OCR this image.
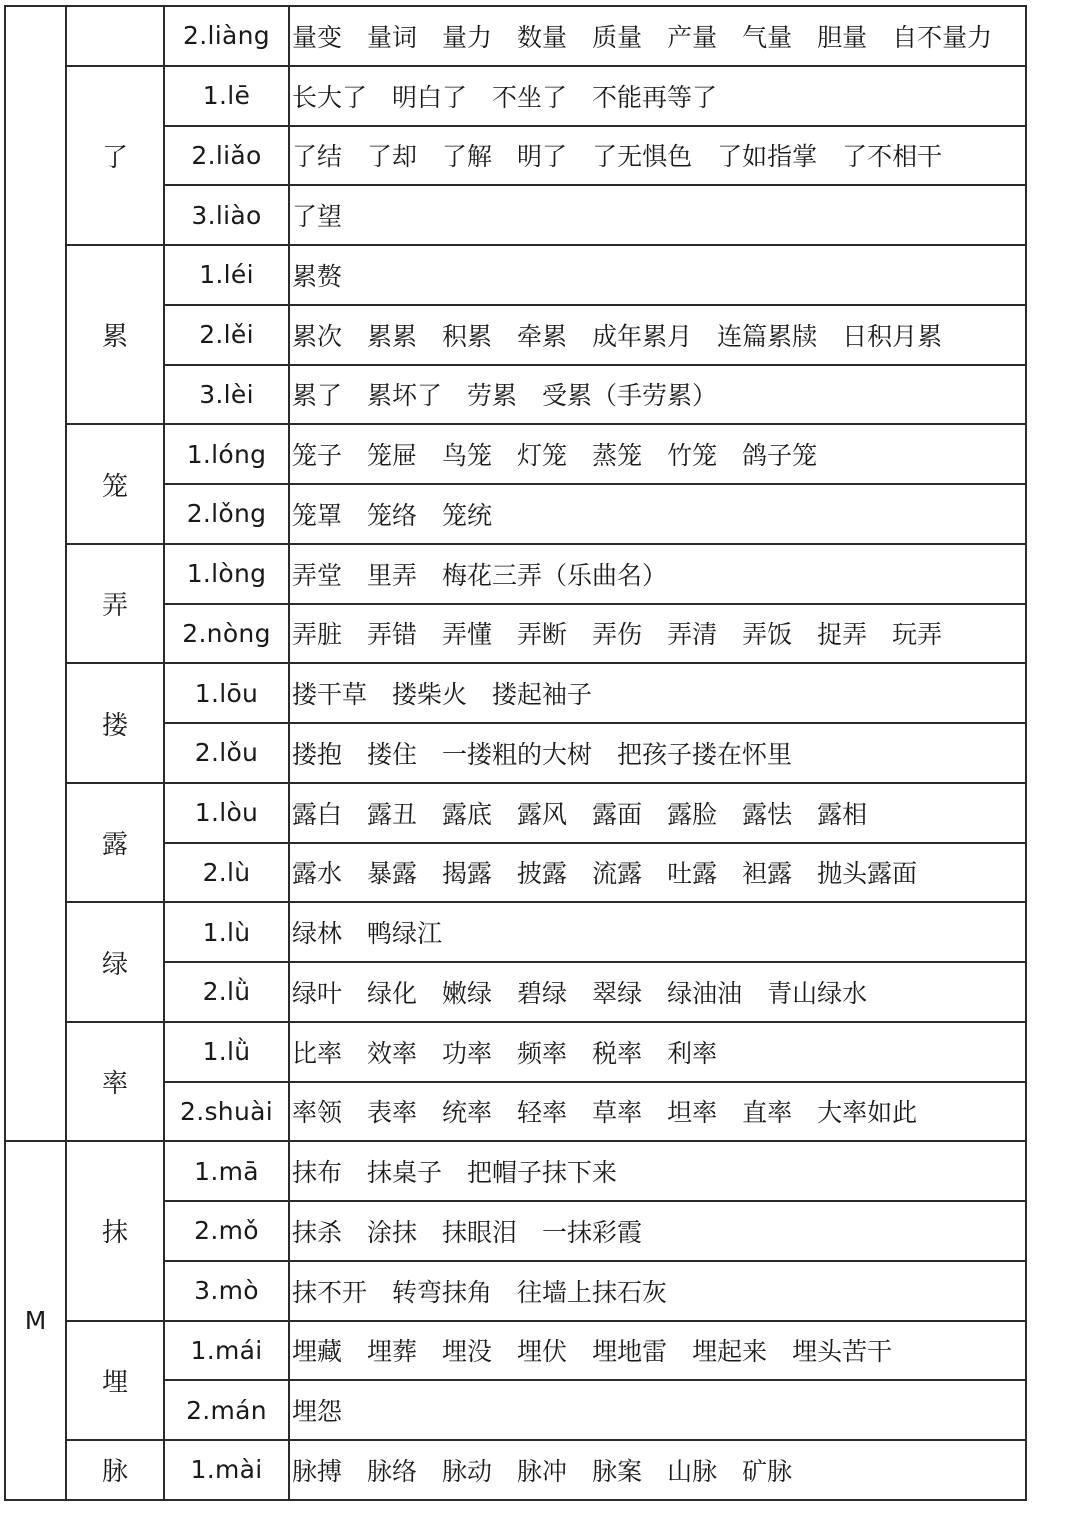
		2.liàng	量变 量词 量力 数量 质量 产量 气量 胆量 自不量力
	了	1.lē	长大了 明白了 不坐了 不能再等了
		2.liǎo	了结 了却 了解 明了 了无惧色 了如指掌 了不相干
		3.liào	了望
	累	1.léi	累赘
		2.lěi	累次 累累 积累 牵累 成年累月 连篇累牍 日积月累
		3.lèi	累了 累坏了 劳累 受累（手劳累）
	笼	1.lóng	笼子 笼屉 鸟笼 灯笼 蒸笼 竹笼 鸽子笼
		2.lǒng	笼罩 笼络 笼统
	弄	1.lòng	弄堂 里弄 梅花三弄（乐曲名）
		2.nòng	弄脏 弄错 弄懂 弄断 弄伤 弄清 弄饭 捉弄 玩弄
	搂	1.lōu	搂干草 搂柴火 搂起袖子
		2.lǒu	搂抱 搂住 一搂粗的大树 把孩子搂在怀里
	露	1.lòu	露白 露丑 露底 露风 露面 露脸 露怯 露相
		2.lù	露水 暴露 揭露 披露 流露 吐露 袒露 抛头露面
	绿	1.lù	绿林 鸭绿江
		2.lǜ	绿叶 绿化 嫩绿 碧绿 翠绿 绿油油 青山绿水
	率	1.lǜ	比率 效率 功率 频率 税率 利率
		2.shuài	率领 表率 统率 轻率 草率 坦率 直率 大率如此
M	抹	1.mā	抹布 抹桌子 把帽子抹下来
		2.mǒ	抹杀 涂抹 抹眼泪 一抹彩霞
		3.mò	抹不开 转弯抹角 往墙上抹石灰
	埋	1.mái	埋藏 埋葬 埋没 埋伏 埋地雷 埋起来 埋头苦干
		2.mán	埋怨
	脉	1.mài	脉搏 脉络 脉动 脉冲 脉案 山脉 矿脉
